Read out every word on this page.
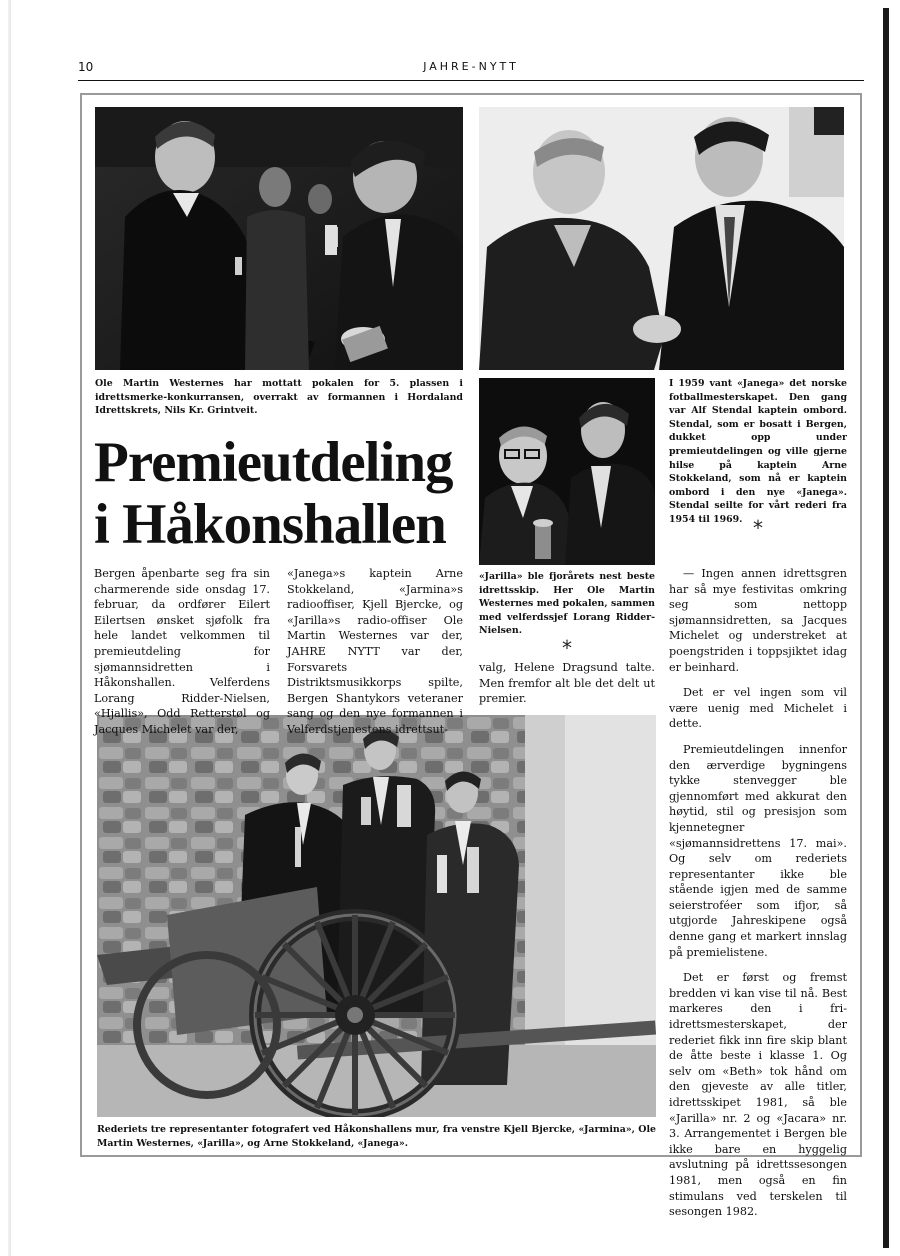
10	JAHRE-NYTT

Ole Martin Westernes har mottatt pokalen for 5. plassen i idrettsmerke-konkurransen, overrakt av formannen i Hordaland Idrettskrets, Nils Kr. Grintveit.

«Jarilla» ble fjorårets nest beste idrettsskip. Her Ole Martin Westernes med pokalen, sammen med velferdssjef Lorang Ridder-Nielsen.

I 1959 vant «Janega» det norske fotballmesterskapet. Den gang var Alf Stendal kaptein ombord. Stendal, som er bosatt i Bergen, dukket opp under premieutdelingen og ville gjerne hilse på kaptein Arne Stokkeland, som nå er kaptein ombord i den nye «Janega». Stendal seilte for vårt rederi fra 1954 til 1969.

Rederiets tre representanter fotografert ved Håkonshallens mur, fra venstre Kjell Bjercke, «Jarmina», Ole Martin Westernes, «Jarilla», og Arne Stokkeland, «Janega».

*
*
Premieutdeling
i Håkonshallen

Bergen åpenbarte seg fra sin charmerende side onsdag 17. februar, da ordfører Eilert Eilertsen ønsket sjøfolk fra hele landet velkommen til premieutdeling for sjømannsidretten i Håkonshallen. Velferdens Lorang Ridder-Nielsen, «Hjallis», Odd Retterstøl og Jacques Michelet var der,

«Janega»s kaptein Arne Stokkeland, «Jarmina»s radiooffiser, Kjell Bjercke, og «Jarilla»s radio-offiser Ole Martin Westernes var der, JAHRE NYTT var der, Forsvarets Distriktsmusikkorps spilte, Bergen Shantykors veteraner sang og den nye formannen i Velferdstjenestens idrettsut-

valg, Helene Dragsund talte. Men fremfor alt ble det delt ut premier.

— Ingen annen idrettsgren har så mye festivitas omkring seg som nettopp sjømannsidretten, sa Jacques Michelet og understreket at poengstriden i toppsjiktet idag er beinhard.

Det er vel ingen som vil være uenig med Michelet i dette.

Premieutdelingen innenfor den ærverdige bygningens tykke stenvegger ble gjennomført med akkurat den høytid, stil og presisjon som kjennetegner «sjømannsidrettens 17. mai». Og selv om rederiets representanter ikke ble stående igjen med de samme seierstroféer som ifjor, så utgjorde Jahreskipene også denne gang et markert innslag på premielistene.

Det er først og fremst bredden vi kan vise til nå. Best markeres den i fri-idrettsmesterskapet, der rederiet fikk inn fire skip blant de åtte beste i klasse 1. Og selv om «Beth» tok hånd om den gjeveste av alle titler, idrettsskipet 1981, så ble «Jarilla» nr. 2 og «Jacara» nr. 3. Arrangementet i Bergen ble ikke bare en hyggelig avslutning på idrettssesongen 1981, men også en fin stimulans ved terskelen til sesongen 1982.
